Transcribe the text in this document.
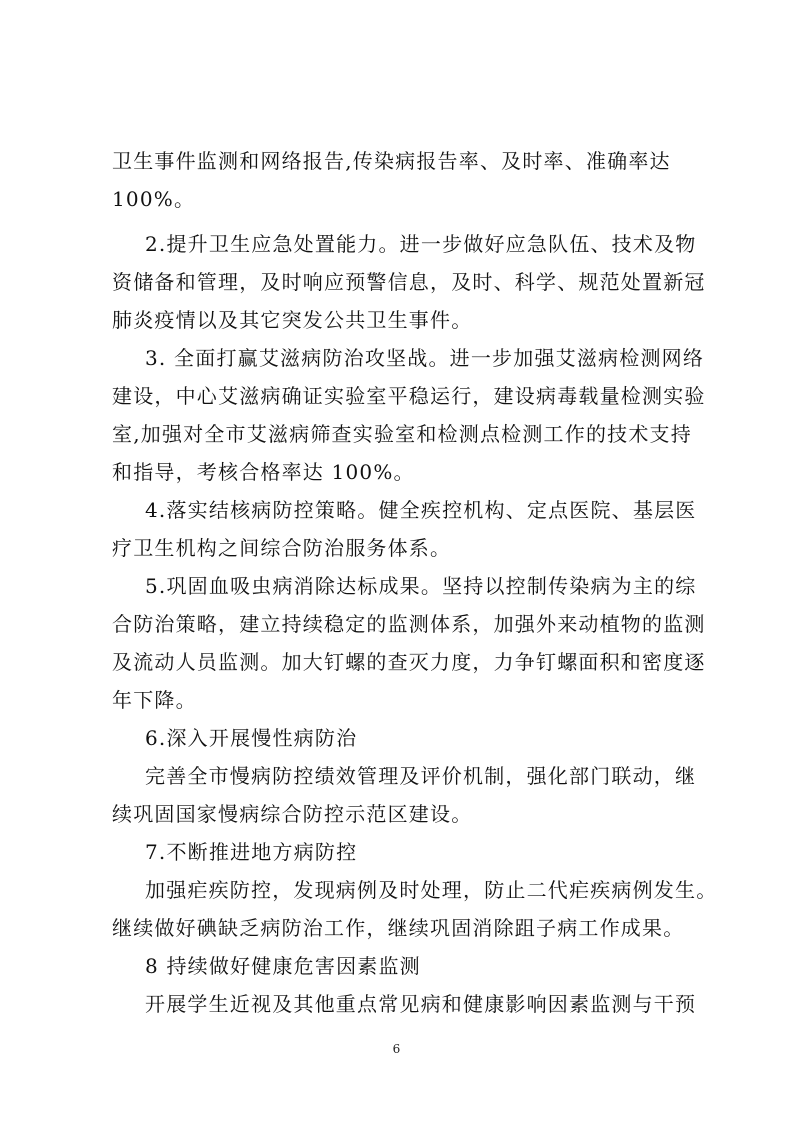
卫生事件监测和网络报告,传染病报告率、及时率、准确率达
100%。
2.提升卫生应急处置能力。进一步做好应急队伍、技术及物
资储备和管理，及时响应预警信息，及时、科学、规范处置新冠
肺炎疫情以及其它突发公共卫生事件。
3. 全面打赢艾滋病防治攻坚战。进一步加强艾滋病检测网络
建设，中心艾滋病确证实验室平稳运行，建设病毒载量检测实验
室,加强对全市艾滋病筛查实验室和检测点检测工作的技术支持
和指导，考核合格率达 100%。
4.落实结核病防控策略。健全疾控机构、定点医院、基层医
疗卫生机构之间综合防治服务体系。
5.巩固血吸虫病消除达标成果。坚持以控制传染病为主的综
合防治策略，建立持续稳定的监测体系，加强外来动植物的监测
及流动人员监测。加大钉螺的查灭力度，力争钉螺面积和密度逐
年下降。
6.深入开展慢性病防治
完善全市慢病防控绩效管理及评价机制，强化部门联动，继
续巩固国家慢病综合防控示范区建设。
7.不断推进地方病防控
加强疟疾防控，发现病例及时处理，防止二代疟疾病例发生。
继续做好碘缺乏病防治工作，继续巩固消除跙子病工作成果。
8 持续做好健康危害因素监测
开展学生近视及其他重点常见病和健康影响因素监测与干预
6
